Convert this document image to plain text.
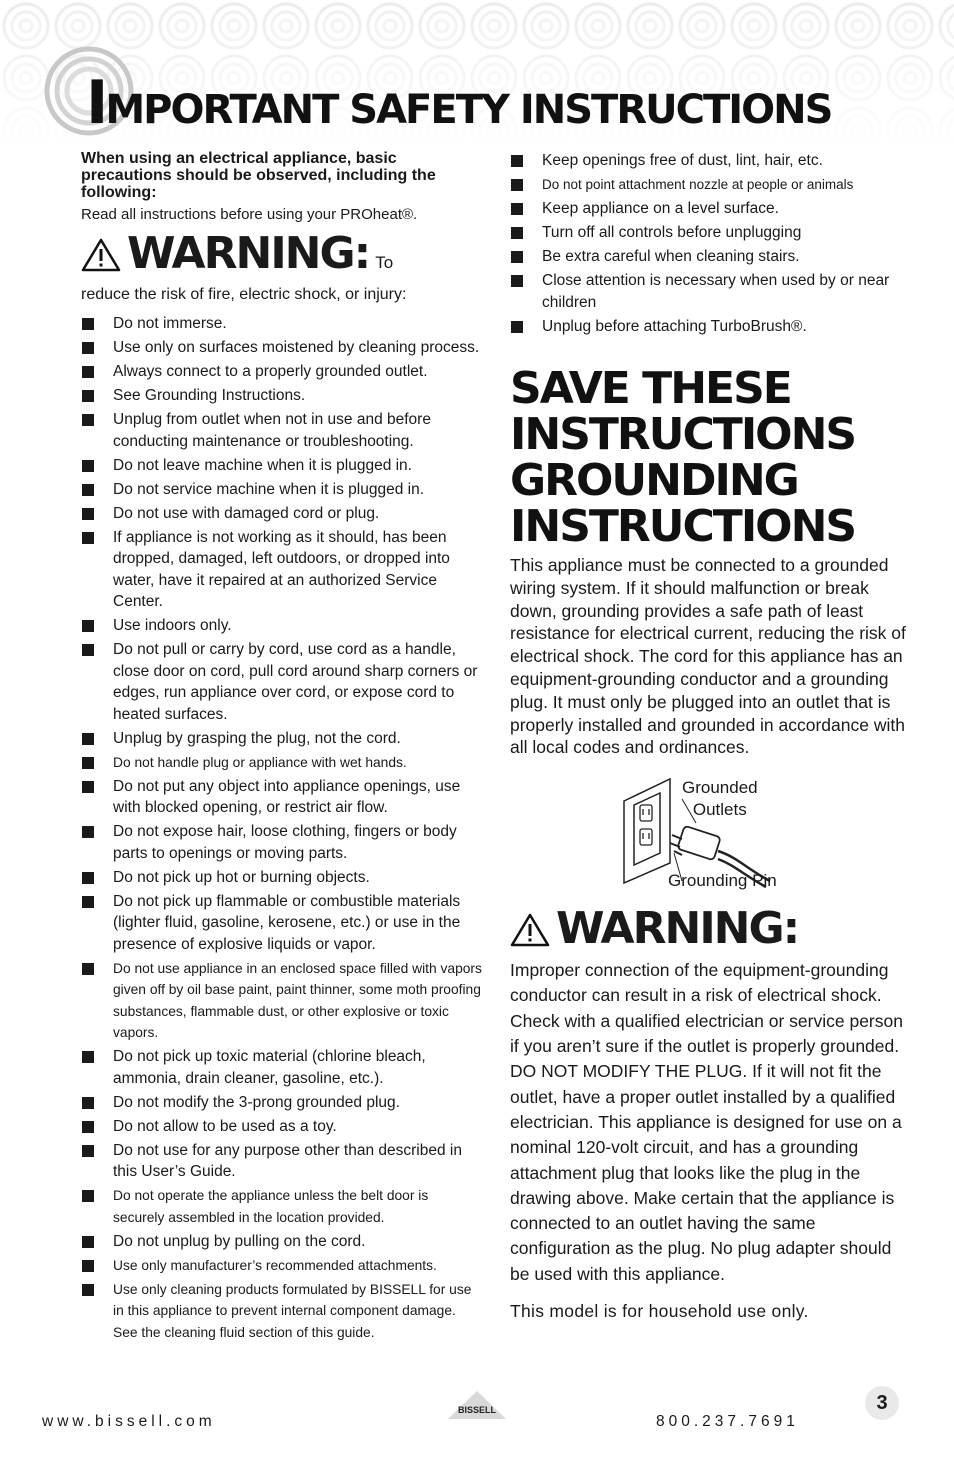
IMPORTANT SAFETY INSTRUCTIONS

When using an electrical appliance, basic precautions should be observed, including the following:

Read all instructions before using your PROheat®.

WARNING: To

reduce the risk of fire, electric shock, or injury:

Do not immerse.
Use only on surfaces moistened by cleaning process.
Always connect to a properly grounded outlet.
See Grounding Instructions.
Unplug from outlet when not in use and before conducting maintenance or troubleshooting.
Do not leave machine when it is plugged in.
Do not service machine when it is plugged in.
Do not use with damaged cord or plug.
If appliance is not working as it should, has been dropped, damaged, left outdoors, or dropped into water, have it repaired at an authorized Service Center.
Use indoors only.
Do not pull or carry by cord, use cord as a handle, close door on cord, pull cord around sharp corners or edges, run appliance over cord, or expose cord to heated surfaces.
Unplug by grasping the plug, not the cord.
Do not handle plug or appliance with wet hands.
Do not put any object into appliance openings, use with blocked opening, or restrict air flow.
Do not expose hair, loose clothing, fingers or body parts to openings or moving parts.
Do not pick up hot or burning objects.
Do not pick up flammable or combustible materials (lighter fluid, gasoline, kerosene, etc.) or use in the presence of explosive liquids or vapor.
Do not use appliance in an enclosed space filled with vapors given off by oil base paint, paint thinner, some moth proofing substances, flammable dust, or other explosive or toxic vapors.
Do not pick up toxic material (chlorine bleach, ammonia, drain cleaner, gasoline, etc.).
Do not modify the 3-prong grounded plug.
Do not allow to be used as a toy.
Do not use for any purpose other than described in this User’s Guide.
Do not operate the appliance unless the belt door is securely assembled in the location provided.
Do not unplug by pulling on the cord.
Use only manufacturer’s recommended attachments.
Use only cleaning products formulated by BISSELL for use in this appliance to prevent internal component damage. See the cleaning fluid section of this guide.
Keep openings free of dust, lint, hair, etc.
Do not point attachment nozzle at people or animals
Keep appliance on a level surface.
Turn off all controls before unplugging
Be extra careful when cleaning stairs.
Close attention is necessary when used by or near children
Unplug before attaching TurboBrush®.
SAVE THESE
INSTRUCTIONS
GROUNDING
INSTRUCTIONS

This appliance must be connected to a grounded wiring system. If it should malfunction or break down, grounding provides a safe path of least resistance for electrical current, reducing the risk of electrical shock. The cord for this appliance has an equipment-grounding conductor and a grounding plug. It must only be plugged into an outlet that is properly installed and grounded in accordance with all local codes and ordinances.

Grounded
Outlets
Grounding Pin
WARNING:

Improper connection of the equipment-grounding conductor can result in a risk of electrical shock. Check with a qualified electrician or service person if you aren’t sure if the outlet is properly grounded. DO NOT MODIFY THE PLUG. If it will not fit the outlet, have a proper outlet installed by a qualified electrician. This appliance is designed for use on a nominal 120-volt circuit, and has a grounding attachment plug that looks like the plug in the drawing above. Make certain that the appliance is connected to an outlet having the same configuration as the plug. No plug adapter should be used with this appliance.

This model is for household use only.

www.bissell.com
BISSELL
800.237.7691
3
